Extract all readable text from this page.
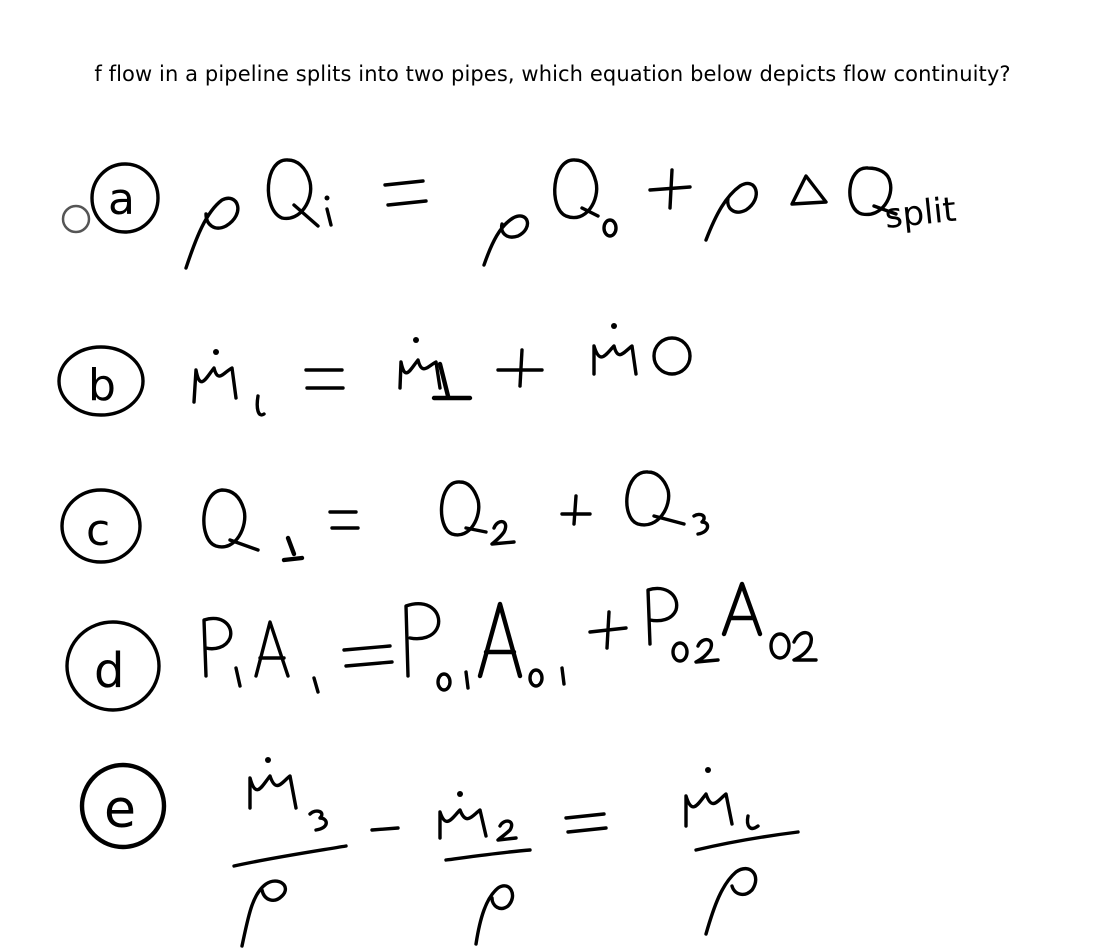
f flow in a pipeline splits into two pipes, which equation below depicts flow continuity?
a	split
b
c
d
e
